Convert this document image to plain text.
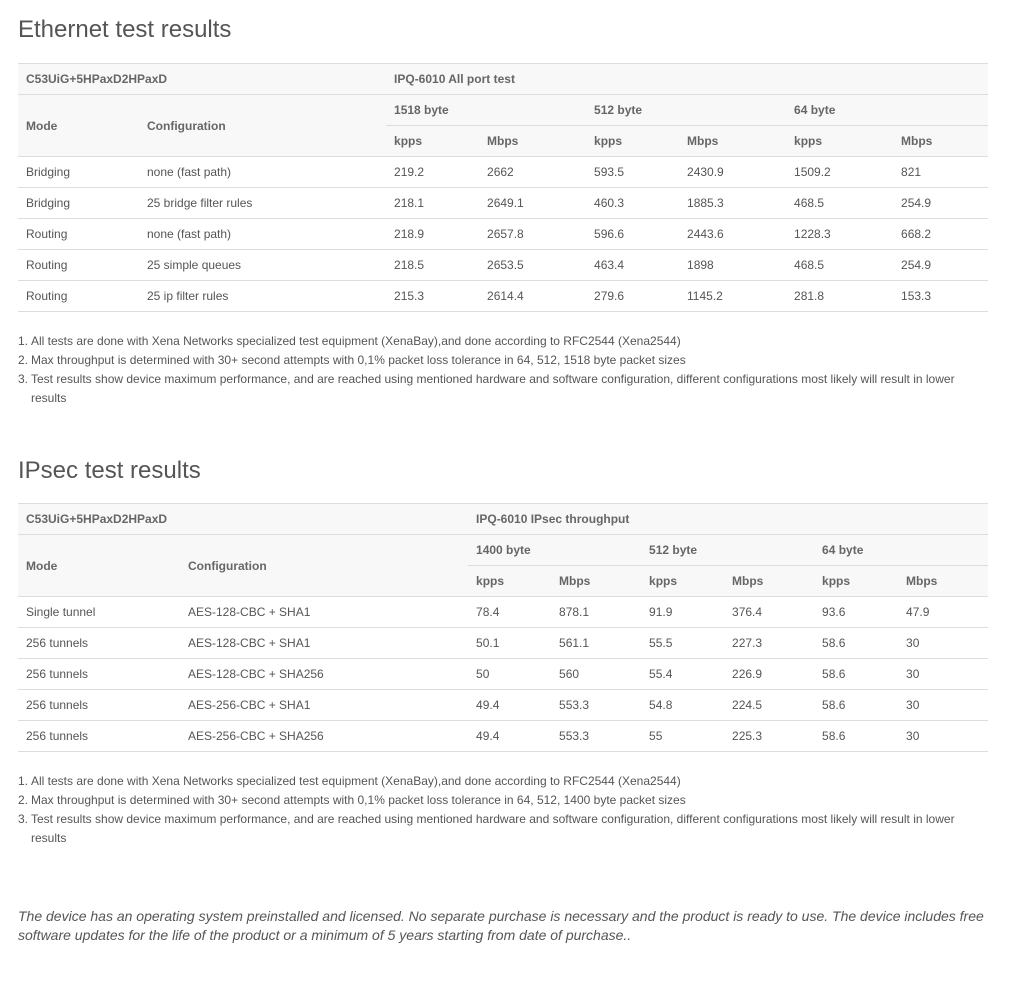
Ethernet test results
C53UiG+5HPaxD2HPaxD		IPQ-6010 All port test					
Mode	Configuration	1518 byte		512 byte		64 byte	
		kpps	Mbps	kpps	Mbps	kpps	Mbps
Bridging	none (fast path)	219.2	2662	593.5	2430.9	1509.2	821
Bridging	25 bridge filter rules	218.1	2649.1	460.3	1885.3	468.5	254.9
Routing	none (fast path)	218.9	2657.8	596.6	2443.6	1228.3	668.2
Routing	25 simple queues	218.5	2653.5	463.4	1898	468.5	254.9
Routing	25 ip filter rules	215.3	2614.4	279.6	1145.2	281.8	153.3
1. All tests are done with Xena Networks specialized test equipment (XenaBay),and done according to RFC2544 (Xena2544)
2. Max throughput is determined with 30+ second attempts with 0,1% packet loss tolerance in 64, 512, 1518 byte packet sizes
3. Test results show device maximum performance, and are reached using mentioned hardware and software configuration, different configurations most likely will result in lower results
IPsec test results
C53UiG+5HPaxD2HPaxD		IPQ-6010 IPsec throughput					
Mode	Configuration	1400 byte		512 byte		64 byte	
		kpps	Mbps	kpps	Mbps	kpps	Mbps
Single tunnel	AES-128-CBC + SHA1	78.4	878.1	91.9	376.4	93.6	47.9
256 tunnels	AES-128-CBC + SHA1	50.1	561.1	55.5	227.3	58.6	30
256 tunnels	AES-128-CBC + SHA256	50	560	55.4	226.9	58.6	30
256 tunnels	AES-256-CBC + SHA1	49.4	553.3	54.8	224.5	58.6	30
256 tunnels	AES-256-CBC + SHA256	49.4	553.3	55	225.3	58.6	30
1. All tests are done with Xena Networks specialized test equipment (XenaBay),and done according to RFC2544 (Xena2544)
2. Max throughput is determined with 30+ second attempts with 0,1% packet loss tolerance in 64, 512, 1400 byte packet sizes
3. Test results show device maximum performance, and are reached using mentioned hardware and software configuration, different configurations most likely will result in lower results

The device has an operating system preinstalled and licensed. No separate purchase is necessary and the product is ready to use. The device includes free software updates for the life of the product or a minimum of 5 years starting from date of purchase..
